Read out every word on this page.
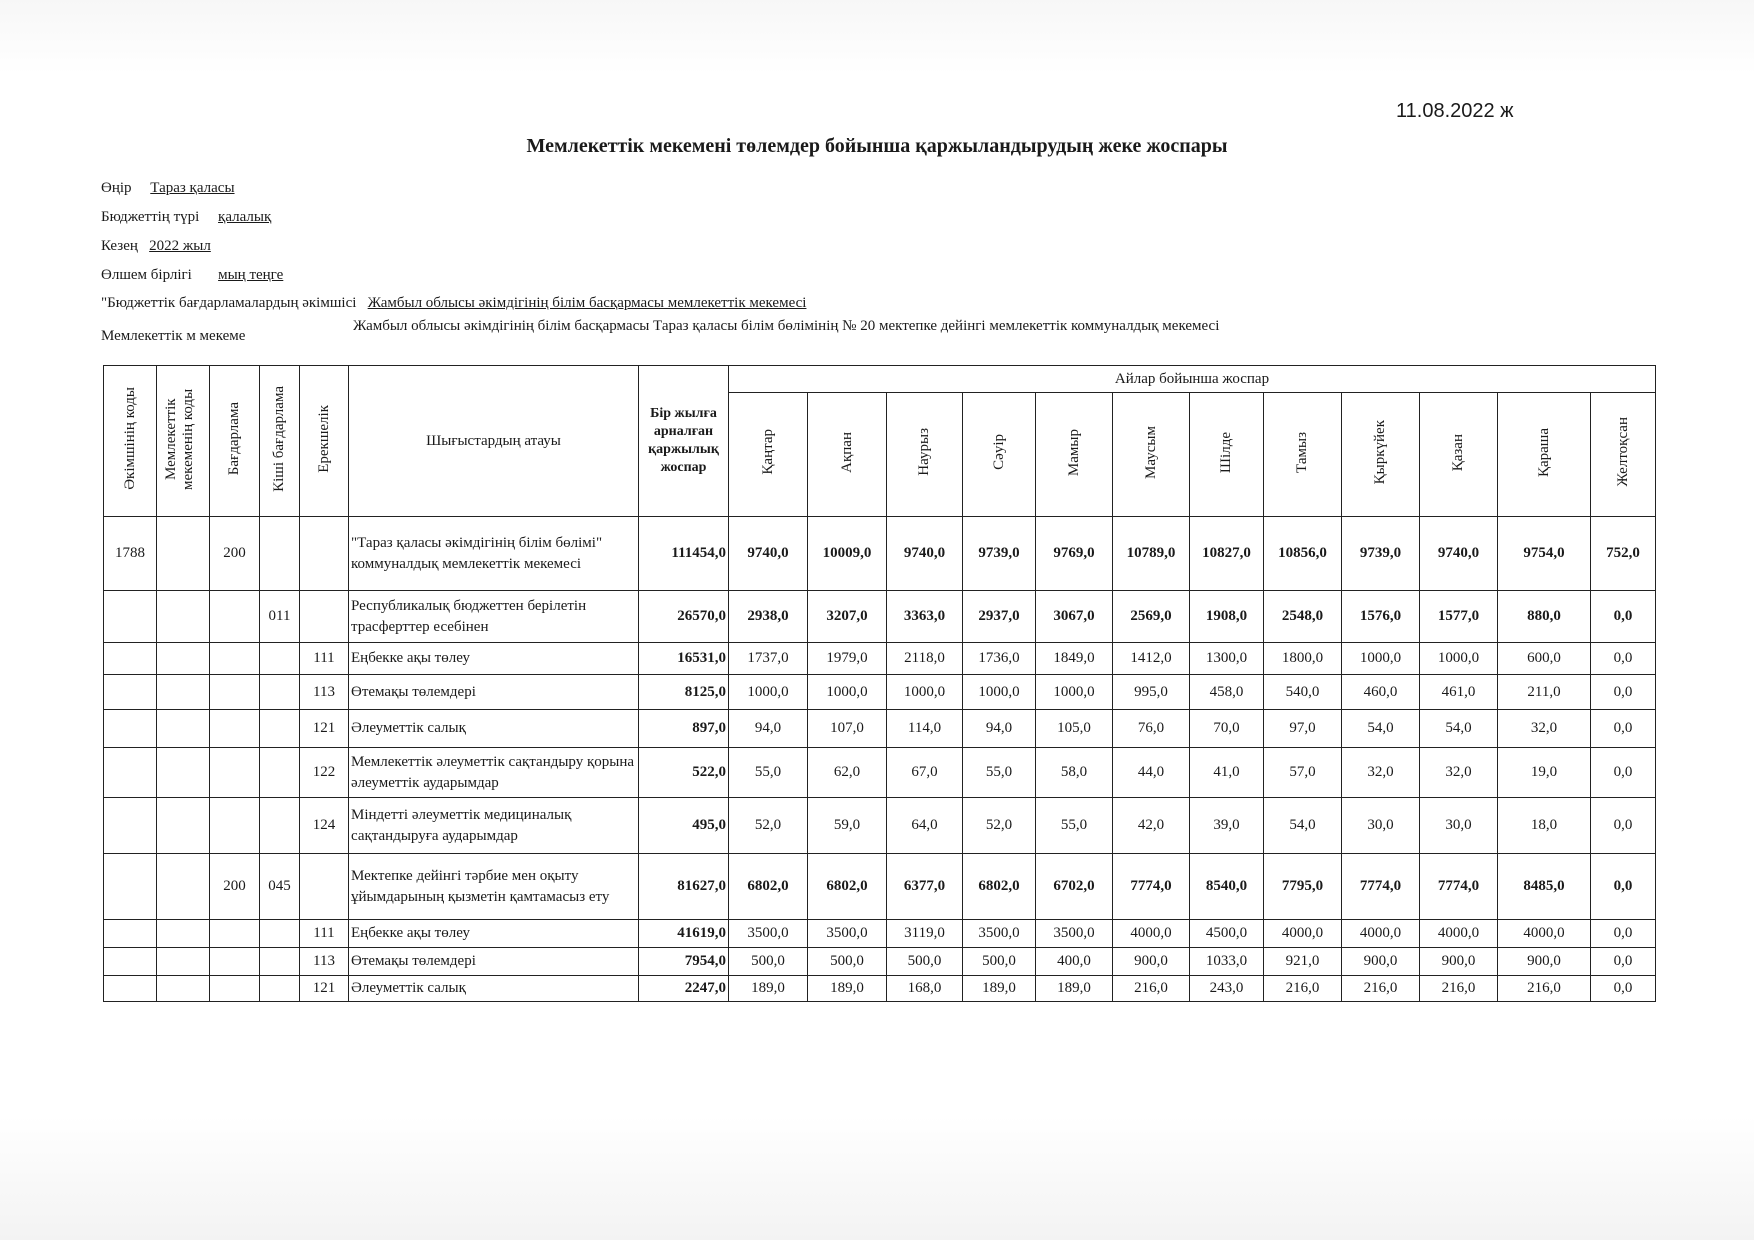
11.08.2022 ж
Мемлекеттік мекемені төлемдер бойынша қаржыландырудың жеке жоспары
Өңір Тараз қаласы
Бюджеттің түрі қалалық
Кезең 2022 жыл
Өлшем бірлігі мың теңге
"Бюджеттік бағдарламалардың әкімшісі Жамбыл облысы әкімдігінің білім басқармасы мемлекеттік мекемесі
Мемлекеттік м мекеме
Жамбыл облысы әкімдігінің білім басқармасы Тараз қаласы білім бөлімінің № 20 мектепке дейінгі мемлекеттік коммуналдық мекемесі
Әкімшінің коды	Мемлекеттік мекеменің коды	Бағдарлама	Кіші бағдарлама	Ерекшелік	Шығыстардың атауы	Бір жылға арналған қаржылық жоспар	Айлар бойынша жоспар											
							Қаңтар	Ақпан	Наурыз	Сәуір	Мамыр	Маусым	Шілде	Тамыз	Қыркүйек	Қазан	Қараша	Желтоқсан
1788		200			"Тараз қаласы әкімдігінің білім бөлімі" коммуналдық мемлекеттік мекемесі	111454,0	9740,0	10009,0	9740,0	9739,0	9769,0	10789,0	10827,0	10856,0	9739,0	9740,0	9754,0	752,0
			011		Республикалық бюджеттен берілетін трасферттер есебінен	26570,0	2938,0	3207,0	3363,0	2937,0	3067,0	2569,0	1908,0	2548,0	1576,0	1577,0	880,0	0,0
				111	Еңбекке ақы төлеу	16531,0	1737,0	1979,0	2118,0	1736,0	1849,0	1412,0	1300,0	1800,0	1000,0	1000,0	600,0	0,0
				113	Өтемақы төлемдері	8125,0	1000,0	1000,0	1000,0	1000,0	1000,0	995,0	458,0	540,0	460,0	461,0	211,0	0,0
				121	Әлеуметтік салық	897,0	94,0	107,0	114,0	94,0	105,0	76,0	70,0	97,0	54,0	54,0	32,0	0,0
				122	Мемлекеттік әлеуметтік сақтандыру қорына әлеуметтік аударымдар	522,0	55,0	62,0	67,0	55,0	58,0	44,0	41,0	57,0	32,0	32,0	19,0	0,0
				124	Міндетті әлеуметтік медициналық сақтандыруға аударымдар	495,0	52,0	59,0	64,0	52,0	55,0	42,0	39,0	54,0	30,0	30,0	18,0	0,0
		200	045		Мектепке дейінгі тәрбие мен оқыту ұйымдарының қызметін қамтамасыз ету	81627,0	6802,0	6802,0	6377,0	6802,0	6702,0	7774,0	8540,0	7795,0	7774,0	7774,0	8485,0	0,0
				111	Еңбекке ақы төлеу	41619,0	3500,0	3500,0	3119,0	3500,0	3500,0	4000,0	4500,0	4000,0	4000,0	4000,0	4000,0	0,0
				113	Өтемақы төлемдері	7954,0	500,0	500,0	500,0	500,0	400,0	900,0	1033,0	921,0	900,0	900,0	900,0	0,0
				121	Әлеуметтік салық	2247,0	189,0	189,0	168,0	189,0	189,0	216,0	243,0	216,0	216,0	216,0	216,0	0,0
